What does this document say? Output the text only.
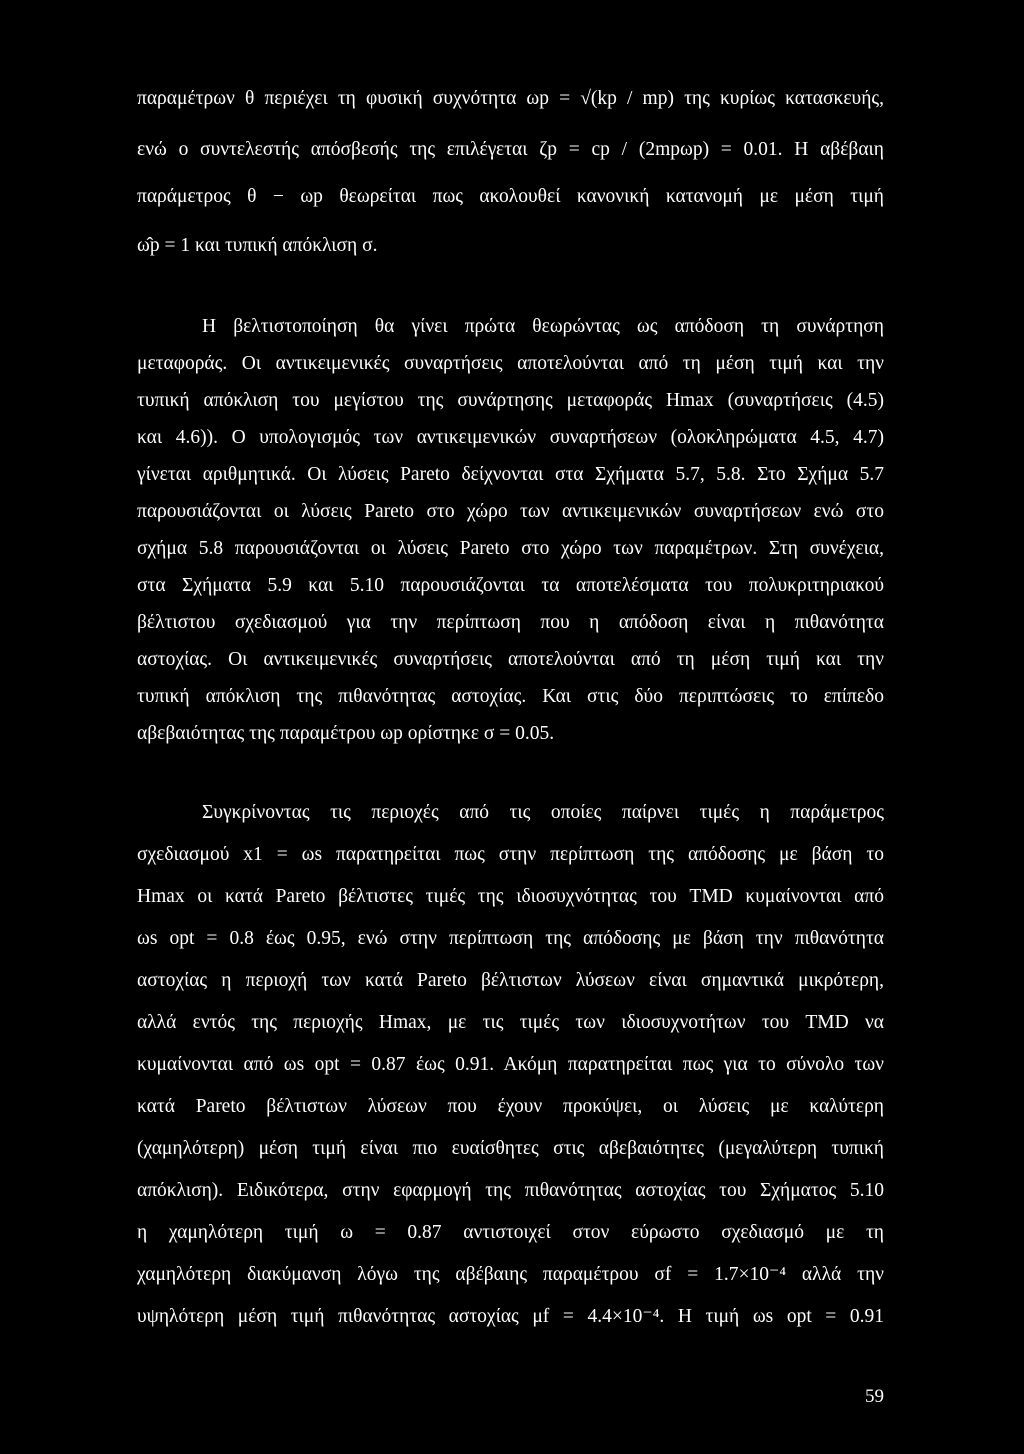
παραμέτρων θ περιέχει τη φυσική συχνότητα ωp = √(kp / mp) της κυρίως κατασκευής,
ενώ ο συντελεστής απόσβεσής της επιλέγεται ζp = cp / (2mpωp) = 0.01. Η αβέβαιη
παράμετρος θ − ωp θεωρείται πως ακολουθεί κανονική κατανομή με μέση τιμή
ω̂p = 1 και τυπική απόκλιση σ.
Η βελτιστοποίηση θα γίνει πρώτα θεωρώντας ως απόδοση τη συνάρτηση
μεταφοράς. Οι αντικειμενικές συναρτήσεις αποτελούνται από τη μέση τιμή και την
τυπική απόκλιση του μεγίστου της συνάρτησης μεταφοράς Hmax (συναρτήσεις (4.5)
και 4.6)). Ο υπολογισμός των αντικειμενικών συναρτήσεων (ολοκληρώματα 4.5, 4.7)
γίνεται αριθμητικά. Οι λύσεις Pareto δείχνονται στα Σχήματα 5.7, 5.8. Στο Σχήμα 5.7
παρουσιάζονται οι λύσεις Pareto στο χώρο των αντικειμενικών συναρτήσεων ενώ στο
σχήμα 5.8 παρουσιάζονται οι λύσεις Pareto στο χώρο των παραμέτρων. Στη συνέχεια,
στα Σχήματα 5.9 και 5.10 παρουσιάζονται τα αποτελέσματα του πολυκριτηριακού
βέλτιστου σχεδιασμού για την περίπτωση που η απόδοση είναι η πιθανότητα
αστοχίας. Οι αντικειμενικές συναρτήσεις αποτελούνται από τη μέση τιμή και την
τυπική απόκλιση της πιθανότητας αστοχίας. Και στις δύο περιπτώσεις το επίπεδο
αβεβαιότητας της παραμέτρου ωp ορίστηκε σ = 0.05.
Συγκρίνοντας τις περιοχές από τις οποίες παίρνει τιμές η παράμετρος
σχεδιασμού x1 = ωs παρατηρείται πως στην περίπτωση της απόδοσης με βάση το
Hmax οι κατά Pareto βέλτιστες τιμές της ιδιοσυχνότητας του TMD κυμαίνονται από
ωs opt = 0.8 έως 0.95, ενώ στην περίπτωση της απόδοσης με βάση την πιθανότητα
αστοχίας η περιοχή των κατά Pareto βέλτιστων λύσεων είναι σημαντικά μικρότερη,
αλλά εντός της περιοχής Hmax, με τις τιμές των ιδιοσυχνοτήτων του TMD να
κυμαίνονται από ωs opt = 0.87 έως 0.91. Ακόμη παρατηρείται πως για το σύνολο των
κατά Pareto βέλτιστων λύσεων που έχουν προκύψει, οι λύσεις με καλύτερη
(χαμηλότερη) μέση τιμή είναι πιο ευαίσθητες στις αβεβαιότητες (μεγαλύτερη τυπική
απόκλιση). Ειδικότερα, στην εφαρμογή της πιθανότητας αστοχίας του Σχήματος 5.10
η χαμηλότερη τιμή ω = 0.87 αντιστοιχεί στον εύρωστο σχεδιασμό με τη
χαμηλότερη διακύμανση λόγω της αβέβαιης παραμέτρου σf = 1.7×10⁻⁴ αλλά την
υψηλότερη μέση τιμή πιθανότητας αστοχίας μf = 4.4×10⁻⁴. Η τιμή ωs opt = 0.91
59
